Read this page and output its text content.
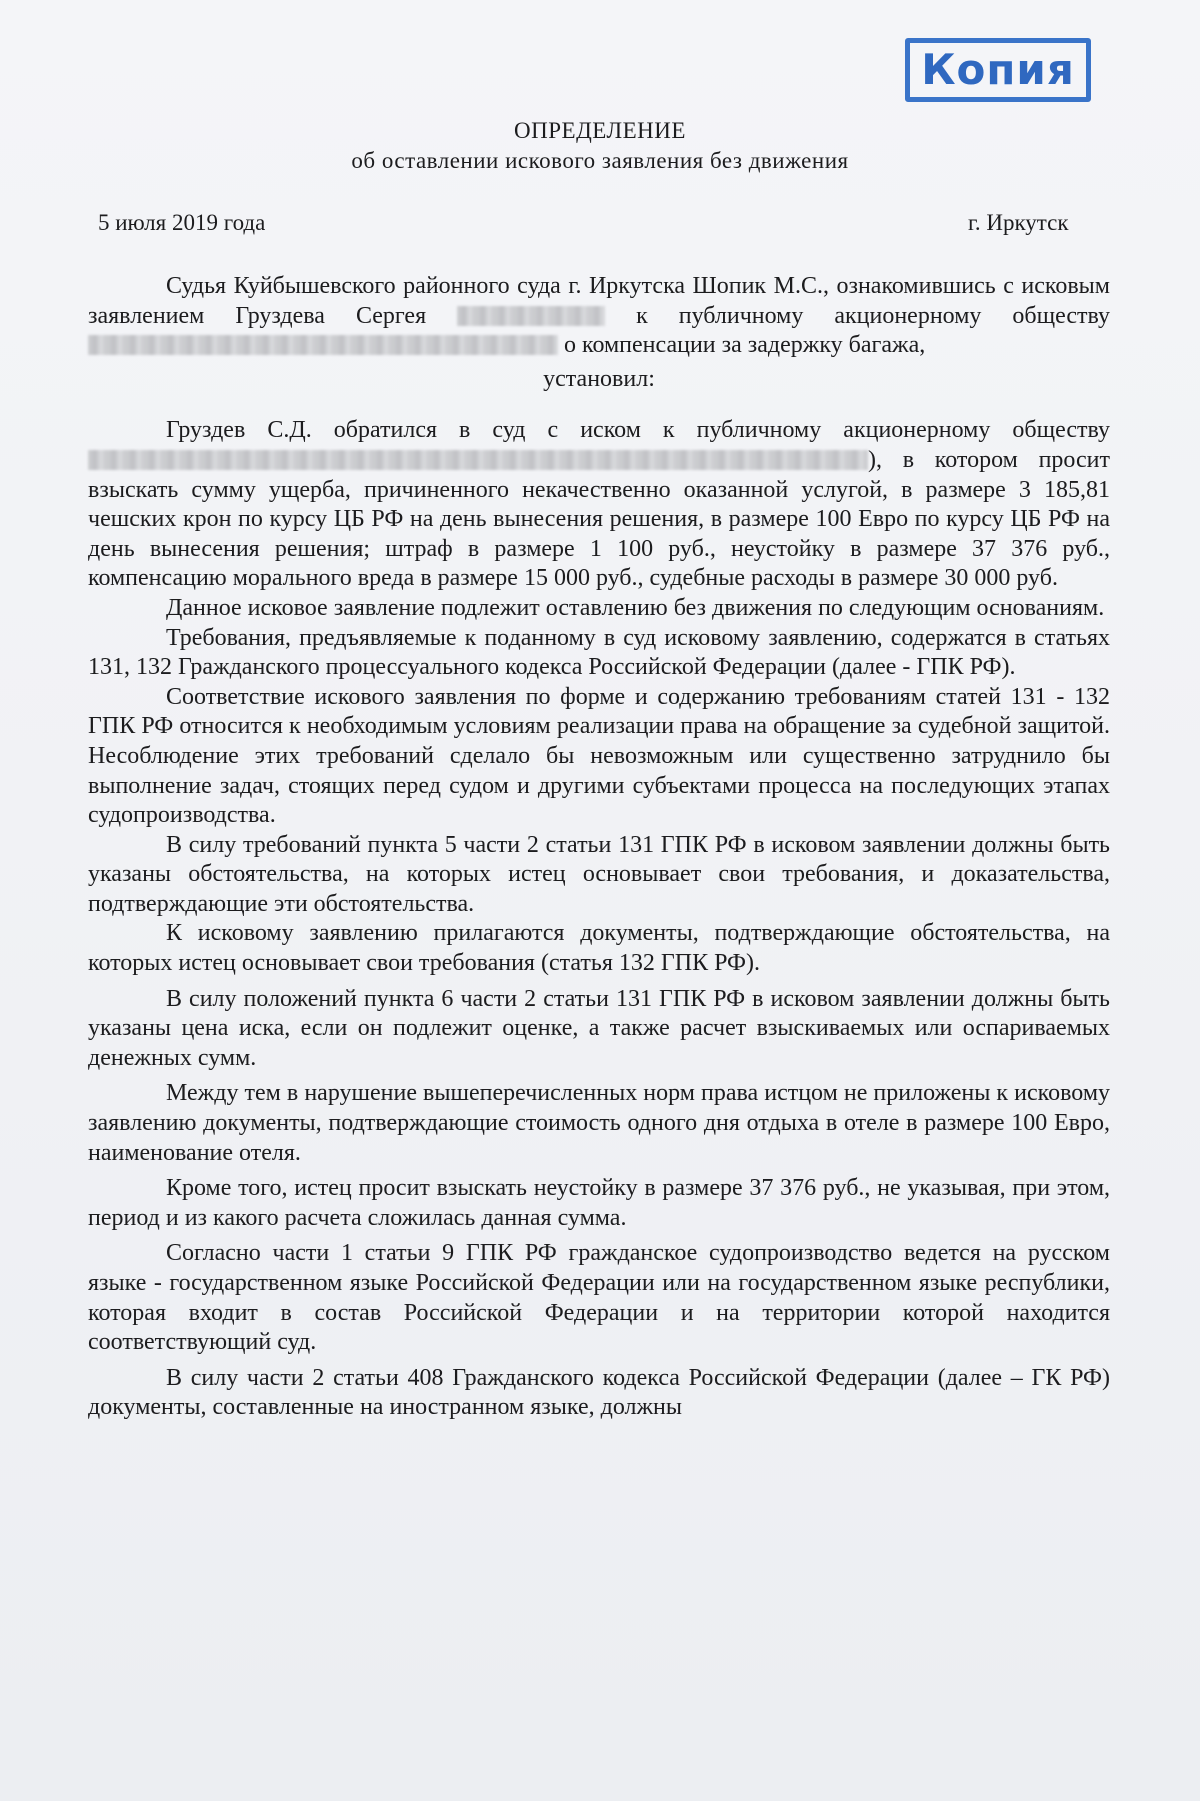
Копия
ОПРЕДЕЛЕНИЕ
об оставлении искового заявления без движения
5 июля 2019 года	г. Иркутск

Судья Куйбышевского районного суда г. Иркутска Шопик М.С., ознакомившись с исковым заявлением Груздева Сергея	к публичному акционерному обществу  о компенсации за задержку багажа,

установил:

Груздев С.Д. обратился в суд с иском к публичному акционерному обществу ), в котором просит взыскать сумму ущерба, причиненного некачественно оказанной услугой, в размере 3 185,81 чешских крон по курсу ЦБ РФ на день вынесения решения, в размере 100 Евро по курсу ЦБ РФ на день вынесения решения; штраф в размере 1 100 руб., неустойку в размере 37 376 руб., компенсацию морального вреда в размере 15 000 руб., судебные расходы в размере 30 000 руб.

Данное исковое заявление подлежит оставлению без движения по следующим основаниям.

Требования, предъявляемые к поданному в суд исковому заявлению, содержатся в статьях 131, 132 Гражданского процессуального кодекса Российской Федерации (далее - ГПК РФ).

Соответствие искового заявления по форме и содержанию требованиям статей 131 - 132 ГПК РФ относится к необходимым условиям реализации права на обращение за судебной защитой. Несоблюдение этих требований сделало бы невозможным или существенно затруднило бы выполнение задач, стоящих перед судом и другими субъектами процесса на последующих этапах судопроизводства.

В силу требований пункта 5 части 2 статьи 131 ГПК РФ в исковом заявлении должны быть указаны обстоятельства, на которых истец основывает свои требования, и доказательства, подтверждающие эти обстоятельства.

К исковому заявлению прилагаются документы, подтверждающие обстоятельства, на которых истец основывает свои требования (статья 132 ГПК РФ).

В силу положений пункта 6 части 2 статьи 131 ГПК РФ в исковом заявлении должны быть указаны цена иска, если он подлежит оценке, а также расчет взыскиваемых или оспариваемых денежных сумм.

Между тем в нарушение вышеперечисленных норм права истцом не приложены к исковому заявлению документы, подтверждающие стоимость одного дня отдыха в отеле в размере 100 Евро, наименование отеля.

Кроме того, истец просит взыскать неустойку в размере 37 376 руб., не указывая, при этом, период и из какого расчета сложилась данная сумма.

Согласно части 1 статьи 9 ГПК РФ гражданское судопроизводство ведется на русском языке - государственном языке Российской Федерации или на государственном языке республики, которая входит в состав Российской Федерации и на территории которой находится соответствующий суд.

В силу части 2 статьи 408 Гражданского кодекса Российской Федерации (далее – ГК РФ) документы, составленные на иностранном языке, должны
